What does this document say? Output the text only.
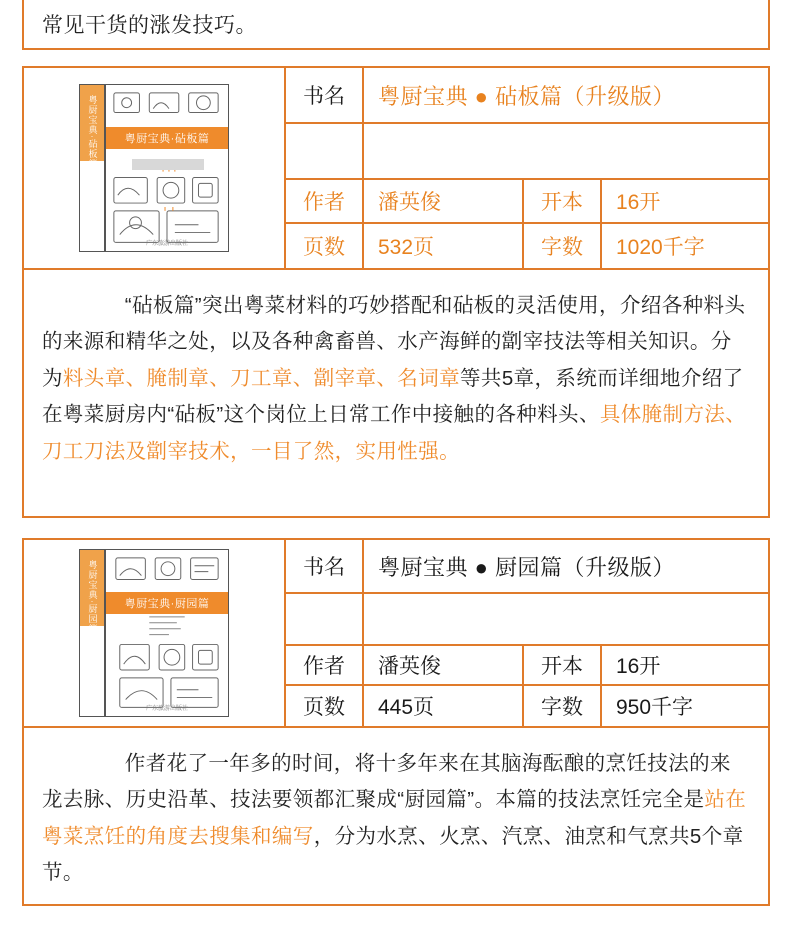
常见干货的涨发技巧。
粤厨宝典·砧板篇 粤厨宝典·砧板篇
广东旅游出版社
书名	粤厨宝典 ● 砧板篇（升级版）
作者	潘英俊	开本	16开
页数	532页	字数	1020千字

　　“砧板篇”突出粤菜材料的巧妙搭配和砧板的灵活使用，介绍各种料头的来源和精华之处，以及各种禽畜兽、水产海鲜的劏宰技法等相关知识。分为料头章、腌制章、刀工章、劏宰章、名词章等共5章，系统而详细地介绍了在粤菜厨房内“砧板”这个岗位上日常工作中接触的各种料头、具体腌制方法、刀工刀法及劏宰技术，一目了然，实用性强。

粤厨宝典·厨园篇 粤厨宝典·厨园篇
广东旅游出版社
书名	粤厨宝典 ● 厨园篇（升级版）
作者	潘英俊	开本	16开
页数	445页	字数	950千字

　　作者花了一年多的时间，将十多年来在其脑海酝酿的烹饪技法的来龙去脉、历史沿革、技法要领都汇聚成“厨园篇”。本篇的技法烹饪完全是站在粤菜烹饪的角度去搜集和编写，分为水烹、火烹、汽烹、油烹和气烹共5个章节。
